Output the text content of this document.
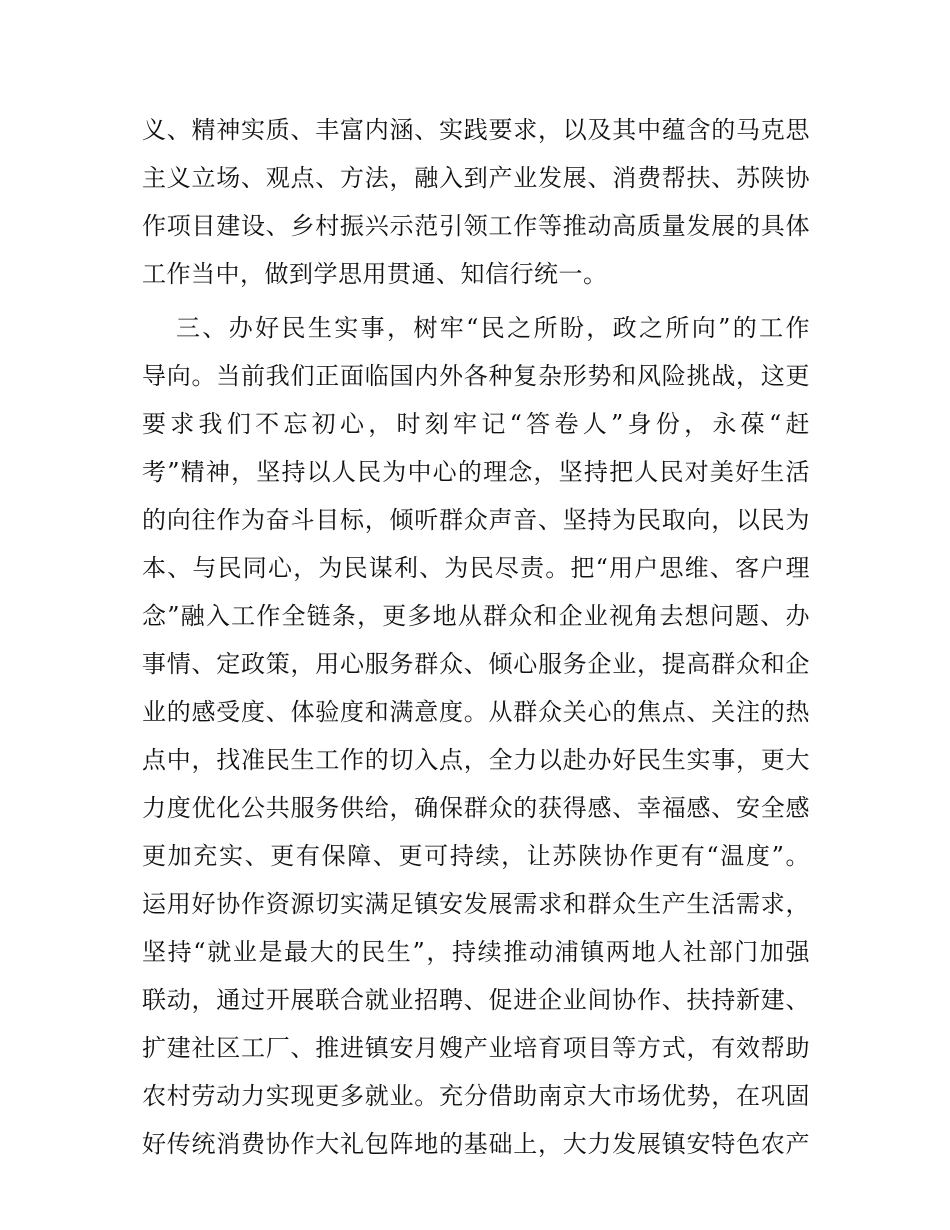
义、精神实质、丰富内涵、实践要求，以及其中蕴含的马克思
主义立场、观点、方法，融入到产业发展、消费帮扶、苏陕协
作项目建设、乡村振兴示范引领工作等推动高质量发展的具体
工作当中，做到学思用贯通、知信行统一。
三、办好民生实事，树牢“民之所盼，政之所向”的工作
导向。当前我们正面临国内外各种复杂形势和风险挑战，这更
要求我们不忘初心，时刻牢记“答卷人”身份，永葆“赶
考”精神，坚持以人民为中心的理念，坚持把人民对美好生活
的向往作为奋斗目标，倾听群众声音、坚持为民取向，以民为
本、与民同心，为民谋利、为民尽责。把“用户思维、客户理
念”融入工作全链条，更多地从群众和企业视角去想问题、办
事情、定政策，用心服务群众、倾心服务企业，提高群众和企
业的感受度、体验度和满意度。从群众关心的焦点、关注的热
点中，找准民生工作的切入点，全力以赴办好民生实事，更大
力度优化公共服务供给，确保群众的获得感、幸福感、安全感
更加充实、更有保障、更可持续，让苏陕协作更有“温度”。
运用好协作资源切实满足镇安发展需求和群众生产生活需求，
坚持“就业是最大的民生”，持续推动浦镇两地人社部门加强
联动，通过开展联合就业招聘、促进企业间协作、扶持新建、
扩建社区工厂、推进镇安月嫂产业培育项目等方式，有效帮助
农村劳动力实现更多就业。充分借助南京大市场优势，在巩固
好传统消费协作大礼包阵地的基础上，大力发展镇安特色农产
